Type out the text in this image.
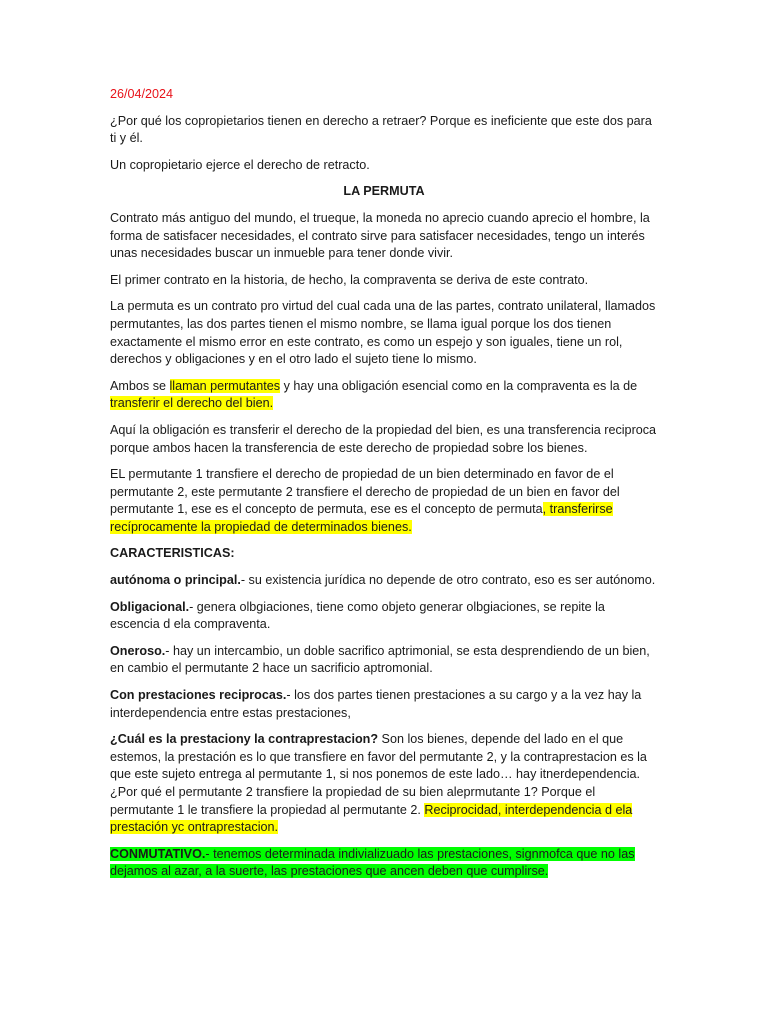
26/04/2024

¿Por qué los copropietarios tienen en derecho a retraer? Porque es ineficiente que este dos para ti y él.

Un copropietario ejerce el derecho de retracto.

LA PERMUTA

Contrato más antiguo del mundo, el trueque, la moneda no aprecio cuando aprecio el hombre, la forma de satisfacer necesidades, el contrato sirve para satisfacer necesidades, tengo un interés unas necesidades buscar un inmueble para tener donde vivir.

El primer contrato en la historia, de hecho, la compraventa se deriva de este contrato.

La permuta es un contrato pro virtud del cual cada una de las partes, contrato unilateral, llamados permutantes, las dos partes tienen el mismo nombre, se llama igual porque los dos tienen exactamente el mismo error en este contrato, es como un espejo y son iguales, tiene un rol, derechos y obligaciones y en el otro lado el sujeto tiene lo mismo.

Ambos se llaman permutantes y hay una obligación esencial como en la compraventa es la de transferir el derecho del bien.

Aquí la obligación es transferir el derecho de la propiedad del bien, es una transferencia reciproca porque ambos hacen la transferencia de este derecho de propiedad sobre los bienes.

EL permutante 1 transfiere el derecho de propiedad de un bien determinado en favor de el permutante 2, este permutante 2 transfiere el derecho de propiedad de un bien en favor del permutante 1, ese es el concepto de permuta, ese es el concepto de permuta, transferirse recíprocamente la propiedad de determinados bienes.

CARACTERISTICAS:

autónoma o principal.- su existencia jurídica no depende de otro contrato, eso es ser autónomo.

Obligacional.- genera olbgiaciones, tiene como objeto generar olbgiaciones, se repite la escencia d ela compraventa.

Oneroso.- hay un intercambio, un doble sacrifico aptrimonial, se esta desprendiendo de un bien, en cambio el permutante 2 hace un sacrificio aptromonial.

Con prestaciones reciprocas.- los dos partes tienen prestaciones a su cargo y a la vez hay la interdependencia entre estas prestaciones,

¿Cuál es la prestaciony la contraprestacion? Son los bienes, depende del lado en el que estemos, la prestación es lo que transfiere en favor del permutante 2, y la contraprestacion es la que este sujeto entrega al permutante 1, si nos ponemos de este lado… hay itnerdependencia. ¿Por qué el permutante 2 transfiere la propiedad de su bien aleprmutante 1? Porque el permutante 1 le transfiere la propiedad al permutante 2. Reciprocidad, interdependencia d ela prestación yc ontraprestacion.

CONMUTATIVO.- tenemos determinada indivializuado las prestaciones, signmofca que no las dejamos al azar, a la suerte, las prestaciones que ancen deben que cumplirse.
